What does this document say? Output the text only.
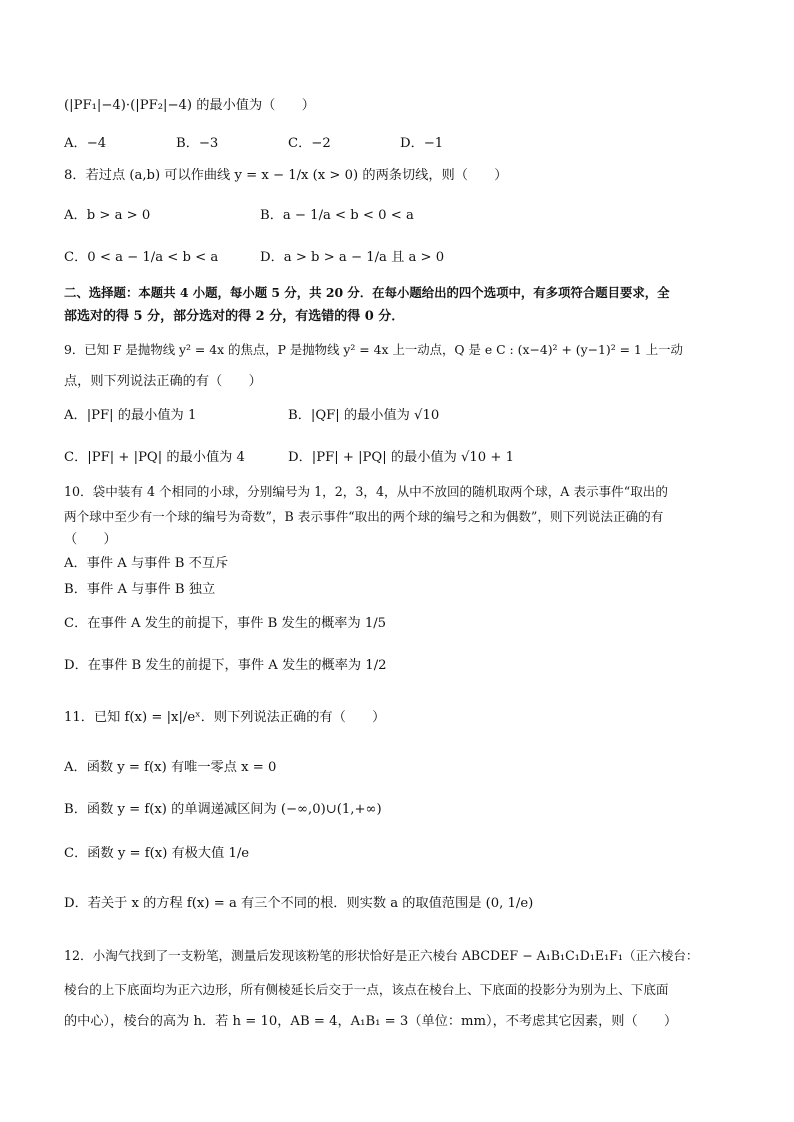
(|PF₁|−4)·(|PF₂|−4) 的最小值为（　　）
A．−4	B．−3	C．−2	D．−1
8．若过点 (a,b) 可以作曲线 y = x − 1/x (x > 0) 的两条切线，则（　　）
A．b > a > 0	B．a − 1/a < b < 0 < a
C．0 < a − 1/a < b < a	D．a > b > a − 1/a 且 a > 0
二、选择题：本题共 4 小题，每小题 5 分，共 20 分．在每小题给出的四个选项中，有多项符合题目要求，全
部选对的得 5 分，部分选对的得 2 分，有选错的得 0 分．
9．已知 F 是抛物线 y² = 4x 的焦点，P 是抛物线 y² = 4x 上一动点，Q 是 e C : (x−4)² + (y−1)² = 1 上一动
点，则下列说法正确的有（　　）
A．|PF| 的最小值为 1	B．|QF| 的最小值为 √10
C．|PF| + |PQ| 的最小值为 4	D．|PF| + |PQ| 的最小值为 √10 + 1
10．袋中装有 4 个相同的小球，分别编号为 1，2，3，4，从中不放回的随机取两个球，A 表示事件“取出的
两个球中至少有一个球的编号为奇数”，B 表示事件“取出的两个球的编号之和为偶数”，则下列说法正确的有
（　　）
A．事件 A 与事件 B 不互斥
B．事件 A 与事件 B 独立
C．在事件 A 发生的前提下，事件 B 发生的概率为 1/5
D．在事件 B 发生的前提下，事件 A 发生的概率为 1/2
11．已知 f(x) = |x|/eˣ．则下列说法正确的有（　　）
A．函数 y = f(x) 有唯一零点 x = 0
B．函数 y = f(x) 的单调递减区间为 (−∞,0)∪(1,+∞)
C．函数 y = f(x) 有极大值 1/e
D．若关于 x 的方程 f(x) = a 有三个不同的根．则实数 a 的取值范围是 (0, 1/e)
12．小淘气找到了一支粉笔，测量后发现该粉笔的形状恰好是正六棱台 ABCDEF − A₁B₁C₁D₁E₁F₁（正六棱台：
棱台的上下底面均为正六边形，所有侧棱延长后交于一点，该点在棱台上、下底面的投影分为别为上、下底面
的中心），棱台的高为 h．若 h = 10，AB = 4，A₁B₁ = 3（单位：mm），不考虑其它因素，则（　　）
